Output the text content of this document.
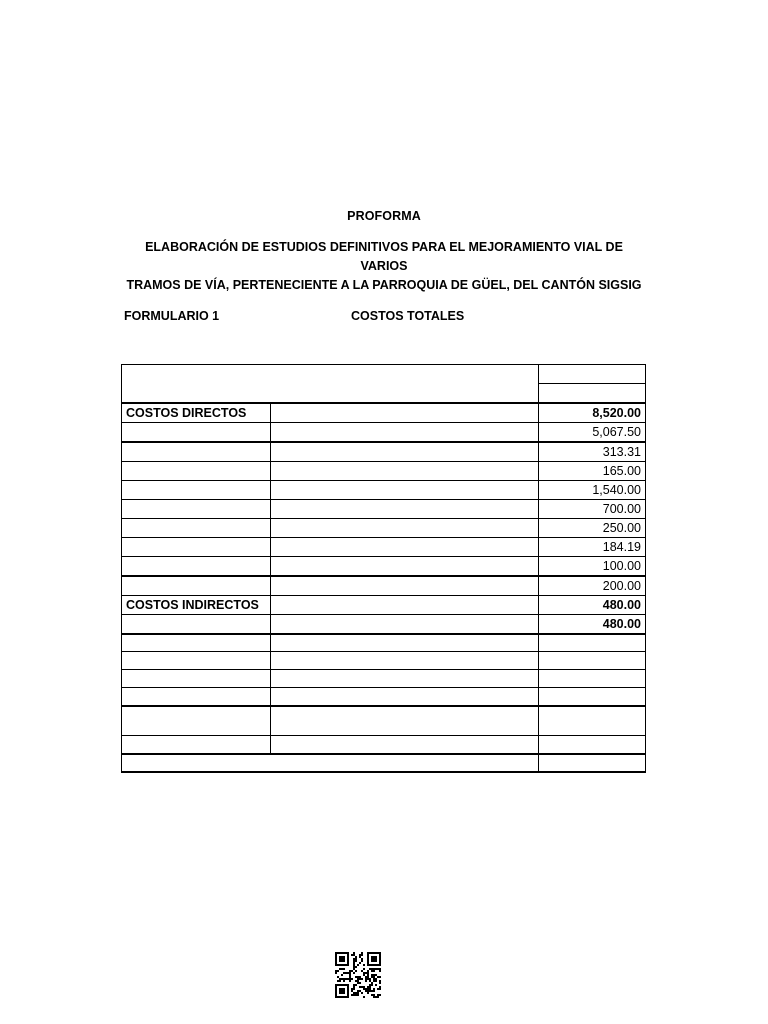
PROFORMA
ELABORACIÓN DE ESTUDIOS DEFINITIVOS PARA EL MEJORAMIENTO VIAL DE VARIOS
TRAMOS DE VÍA, PERTENECIENTE A LA PARROQUIA DE GÜEL, DEL CANTÓN SIGSIG
FORMULARIO 1	COSTOS TOTALES

COSTOS DIRECTOS		8,520.00
		5,067.50
		313.31
		165.00
		1,540.00
		700.00
		250.00
		184.19
		100.00
		200.00
COSTOS INDIRECTOS		480.00
		480.00
